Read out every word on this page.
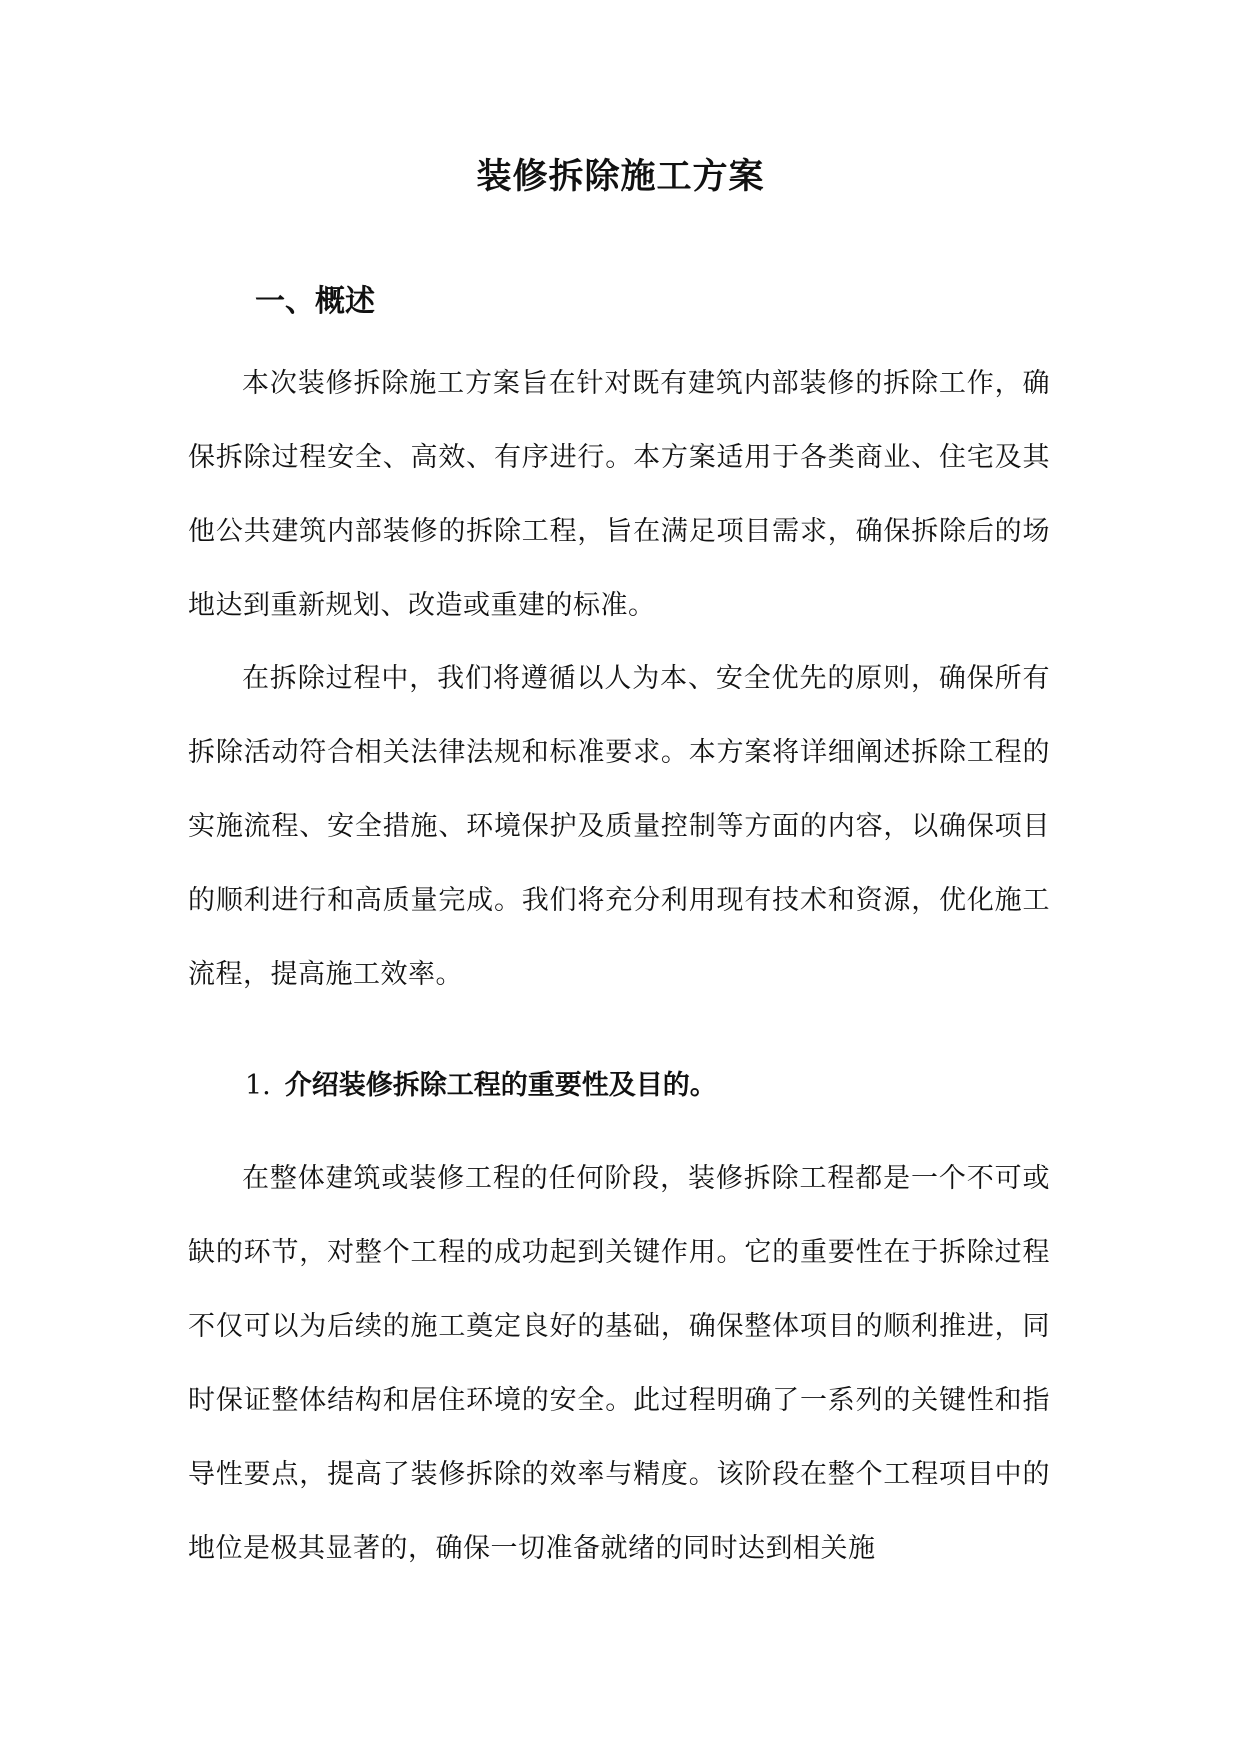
装修拆除施工方案
一、概述

本次装修拆除施工方案旨在针对既有建筑内部装修的拆除工作，确保拆除过程安全、高效、有序进行。本方案适用于各类商业、住宅及其他公共建筑内部装修的拆除工程，旨在满足项目需求，确保拆除后的场地达到重新规划、改造或重建的标准。

在拆除过程中，我们将遵循以人为本、安全优先的原则，确保所有拆除活动符合相关法律法规和标准要求。本方案将详细阐述拆除工程的实施流程、安全措施、环境保护及质量控制等方面的内容，以确保项目的顺利进行和高质量完成。我们将充分利用现有技术和资源，优化施工流程，提高施工效率。

1. 介绍装修拆除工程的重要性及目的。

在整体建筑或装修工程的任何阶段，装修拆除工程都是一个不可或缺的环节，对整个工程的成功起到关键作用。它的重要性在于拆除过程不仅可以为后续的施工奠定良好的基础，确保整体项目的顺利推进，同时保证整体结构和居住环境的安全。此过程明确了一系列的关键性和指导性要点，提高了装修拆除的效率与精度。该阶段在整个工程项目中的地位是极其显著的，确保一切准备就绪的同时达到相关施
